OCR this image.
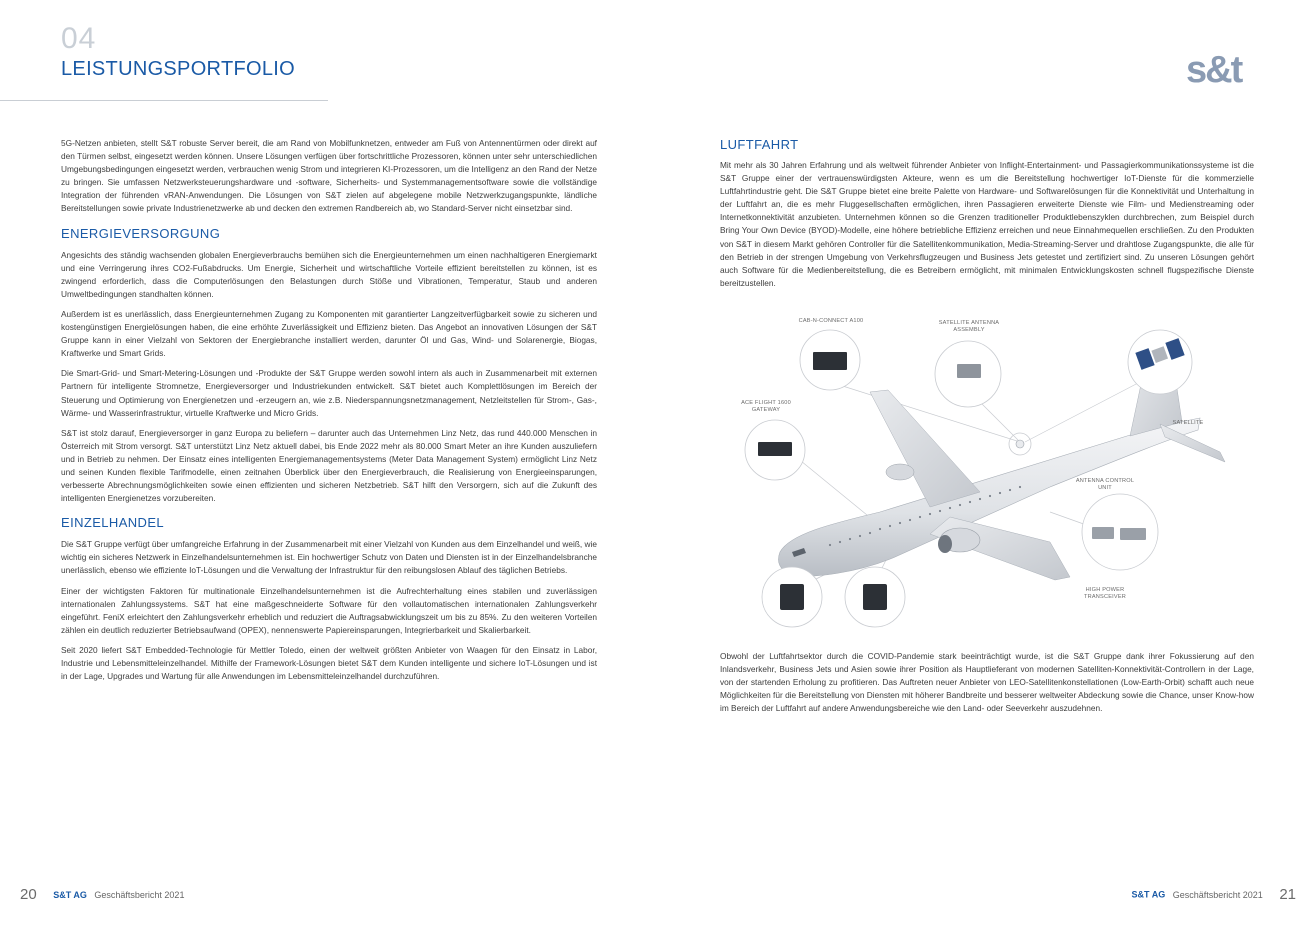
04
LEISTUNGSPORTFOLIO	s&t

5G-Netzen anbieten, stellt S&T robuste Server bereit, die am Rand von Mobilfunknetzen, entweder am Fuß von Antennentürmen oder direkt auf den Türmen selbst, eingesetzt werden können. Unsere Lösungen verfügen über fortschrittliche Prozessoren, können unter sehr unterschiedlichen Umgebungsbedingungen eingesetzt werden, verbrauchen wenig Strom und integrieren KI-Prozessoren, um die Intelligenz an den Rand der Netze zu bringen. Sie umfassen Netzwerksteuerungshardware und -software, Sicherheits- und Systemmanagementsoftware sowie die vollständige Integration der führenden vRAN-Anwendungen. Die Lösungen von S&T zielen auf abgelegene mobile Netzwerkzugangspunkte, ländliche Bereitstellungen sowie private Industrienetzwerke ab und decken den extremen Randbereich ab, wo Standard-Server nicht einsetzbar sind.

ENERGIEVERSORGUNG

Angesichts des ständig wachsenden globalen Energieverbrauchs bemühen sich die Energieunternehmen um einen nachhaltigeren Energiemarkt und eine Verringerung ihres CO2-Fußabdrucks. Um Energie, Sicherheit und wirtschaftliche Vorteile effizient bereitstellen zu können, ist es zwingend erforderlich, dass die Computerlösungen den Belastungen durch Stöße und Vibrationen, Temperatur, Staub und anderen Umweltbedingungen standhalten können.

Außerdem ist es unerlässlich, dass Energieunternehmen Zugang zu Komponenten mit garantierter Langzeitverfügbarkeit sowie zu sicheren und kostengünstigen Energielösungen haben, die eine erhöhte Zuverlässigkeit und Effizienz bieten. Das Angebot an innovativen Lösungen der S&T Gruppe kann in einer Vielzahl von Sektoren der Energiebranche installiert werden, darunter Öl und Gas, Wind- und Solarenergie, Biogas, Kraftwerke und Smart Grids.

Die Smart-Grid- und Smart-Metering-Lösungen und -Produkte der S&T Gruppe werden sowohl intern als auch in Zusammenarbeit mit externen Partnern für intelligente Stromnetze, Energieversorger und Industriekunden entwickelt. S&T bietet auch Komplettlösungen im Bereich der Steuerung und Optimierung von Energienetzen und -erzeugern an, wie z.B. Niederspannungsnetzmanagement, Netzleitstellen für Strom-, Gas-, Wärme- und Wasserinfrastruktur, virtuelle Kraftwerke und Micro Grids.

S&T ist stolz darauf, Energieversorger in ganz Europa zu beliefern – darunter auch das Unternehmen Linz Netz, das rund 440.000 Menschen in Österreich mit Strom versorgt. S&T unterstützt Linz Netz aktuell dabei, bis Ende 2022 mehr als 80.000 Smart Meter an ihre Kunden auszuliefern und in Betrieb zu nehmen. Der Einsatz eines intelligenten Energiemanagementsystems (Meter Data Management System) ermöglicht Linz Netz und seinen Kunden flexible Tarifmodelle, einen zeitnahen Überblick über den Energieverbrauch, die Realisierung von Energieeinsparungen, verbesserte Abrechnungsmöglichkeiten sowie einen effizienten und sicheren Netzbetrieb. S&T hilft den Versorgern, sich auf die Zukunft des intelligenten Energienetzes vorzubereiten.

EINZELHANDEL

Die S&T Gruppe verfügt über umfangreiche Erfahrung in der Zusammenarbeit mit einer Vielzahl von Kunden aus dem Einzelhandel und weiß, wie wichtig ein sicheres Netzwerk in Einzelhandelsunternehmen ist. Ein hochwertiger Schutz von Daten und Diensten ist in der Einzelhandelsbranche unerlässlich, ebenso wie effiziente IoT-Lösungen und die Verwaltung der Infrastruktur für den reibungslosen Ablauf des täglichen Betriebs.

Einer der wichtigsten Faktoren für multinationale Einzelhandelsunternehmen ist die Aufrechterhaltung eines stabilen und zuverlässigen internationalen Zahlungssystems. S&T hat eine maßgeschneiderte Software für den vollautomatischen internationalen Zahlungsverkehr eingeführt. FeniX erleichtert den Zahlungsverkehr erheblich und reduziert die Auftragsabwicklungszeit um bis zu 85%. Zu den weiteren Vorteilen zählen ein deutlich reduzierter Betriebsaufwand (OPEX), nennenswerte Papiereinsparungen, Integrierbarkeit und Skalierbarkeit.

Seit 2020 liefert S&T Embedded-Technologie für Mettler Toledo, einen der weltweit größten Anbieter von Waagen für den Einsatz in Labor, Industrie und Lebensmitteleinzelhandel. Mithilfe der Framework-Lösungen bietet S&T dem Kunden intelligente und sichere IoT-Lösungen und ist in der Lage, Upgrades und Wartung für alle Anwendungen im Lebensmitteleinzelhandel durchzuführen.

LUFTFAHRT

Mit mehr als 30 Jahren Erfahrung und als weltweit führender Anbieter von Inflight-Entertainment- und Passagierkommunikationssysteme ist die S&T Gruppe einer der vertrauenswürdigsten Akteure, wenn es um die Bereitstellung hochwertiger IoT-Dienste für die kommerzielle Luftfahrtindustrie geht. Die S&T Gruppe bietet eine breite Palette von Hardware- und Softwarelösungen für die Konnektivität und Unterhaltung in der Luftfahrt an, die es mehr Fluggesellschaften ermöglichen, ihren Passagieren erweiterte Dienste wie Film- und Medienstreaming oder Internetkonnektivität anzubieten. Unternehmen können so die Grenzen traditioneller Produktlebenszyklen durchbrechen, zum Beispiel durch Bring Your Own Device (BYOD)-Modelle, eine höhere betriebliche Effizienz erreichen und neue Einnahmequellen erschließen. Zu den Produkten von S&T in diesem Markt gehören Controller für die Satellitenkommunikation, Media-Streaming-Server und drahtlose Zugangspunkte, die alle für den Betrieb in der strengen Umgebung von Verkehrsflugzeugen und Business Jets getestet und zertifiziert sind. Zu unseren Lösungen gehört auch Software für die Medienbereitstellung, die es Betreibern ermöglicht, mit minimalen Entwicklungskosten schnell flugspezifische Dienste bereitzustellen.

CAB-N-CONNECT A100	SATELLITE ANTENNA ASSEMBLY
ACE FLIGHT 1600 GATEWAY
SATELLITE
ANTENNA CONTROL UNIT
HIGH POWER TRANSCEIVER

Obwohl der Luftfahrtsektor durch die COVID-Pandemie stark beeinträchtigt wurde, ist die S&T Gruppe dank ihrer Fokussierung auf den Inlandsverkehr, Business Jets und Asien sowie ihrer Position als Hauptlieferant von modernen Satelliten-Konnektivität-Controllern in der Lage, von der startenden Erholung zu profitieren. Das Auftreten neuer Anbieter von LEO-Satellitenkonstellationen (Low-Earth-Orbit) schafft auch neue Möglichkeiten für die Bereitstellung von Diensten mit höherer Bandbreite und besserer weltweiter Abdeckung sowie die Chance, unser Know-how im Bereich der Luftfahrt auf andere Anwendungsbereiche wie den Land- oder Seeverkehr auszudehnen.

20 S&T AG Geschäftsbericht 2021	S&T AG Geschäftsbericht 2021 21
